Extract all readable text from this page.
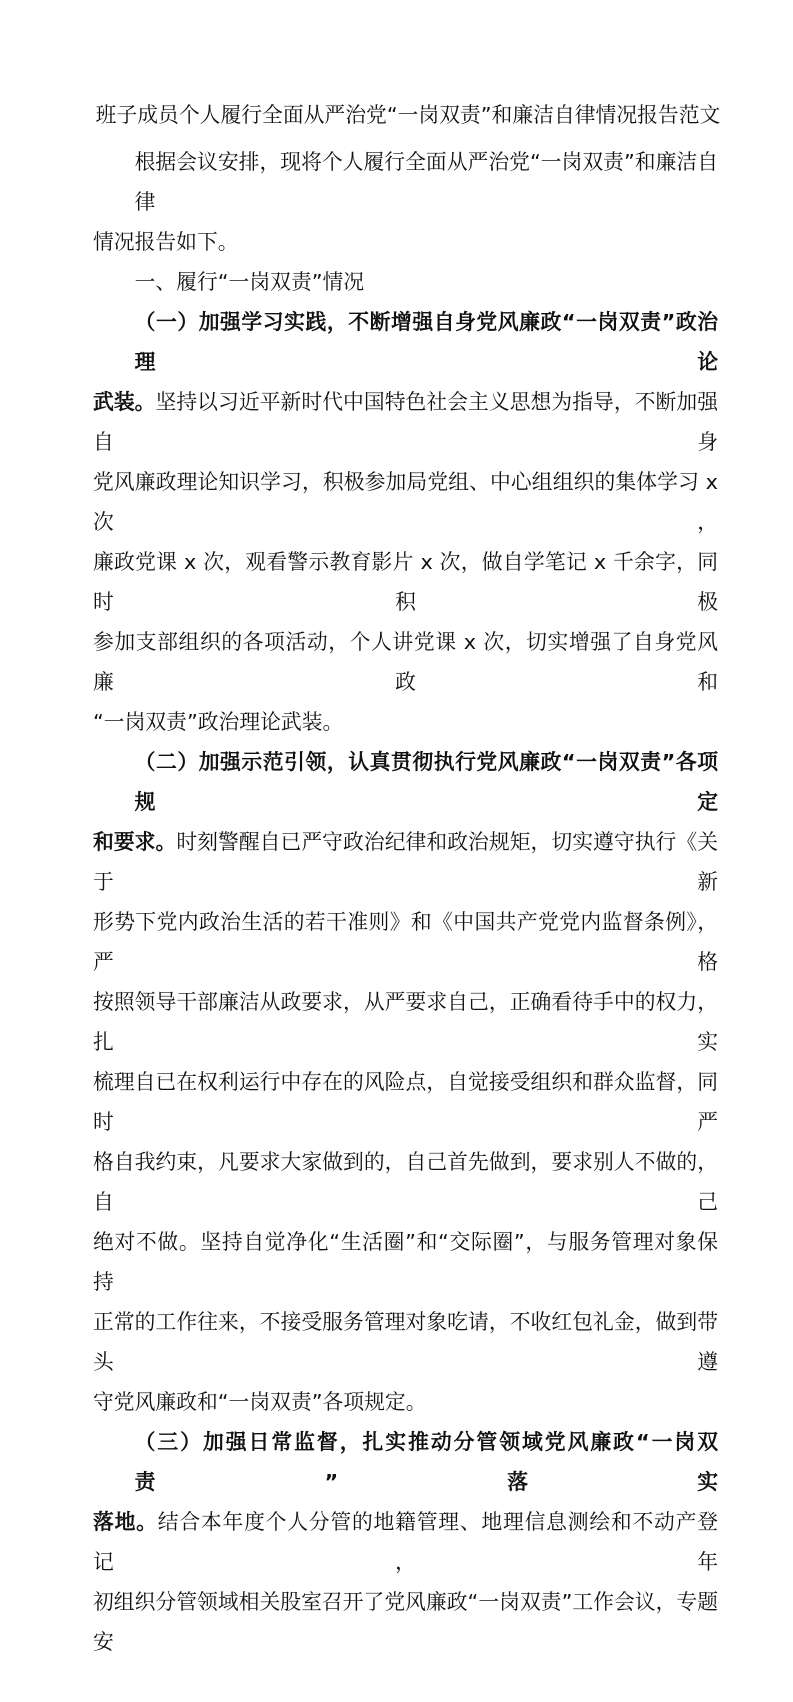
班子成员个人履行全面从严治党“一岗双责”和廉洁自律情况报告范文
根据会议安排，现将个人履行全面从严治党“一岗双责”和廉洁自律
情况报告如下。
一、履行“一岗双责”情况
（一）加强学习实践，不断增强自身党风廉政“一岗双责”政治理论
武装。坚持以习近平新时代中国特色社会主义思想为指导，不断加强自身
党风廉政理论知识学习，积极参加局党组、中心组组织的集体学习 x 次，
廉政党课 x 次，观看警示教育影片 x 次，做自学笔记 x 千余字，同时积极
参加支部组织的各项活动，个人讲党课 x 次，切实增强了自身党风廉政和
“一岗双责”政治理论武装。
（二）加强示范引领，认真贯彻执行党风廉政“一岗双责”各项规定
和要求。时刻警醒自已严守政治纪律和政治规矩，切实遵守执行《关于新
形势下党内政治生活的若干准则》和《中国共产党党内监督条例》，严格
按照领导干部廉洁从政要求，从严要求自己，正确看待手中的权力，扎实
梳理自已在权利运行中存在的风险点，自觉接受组织和群众监督，同时严
格自我约束，凡要求大家做到的，自己首先做到，要求别人不做的，自己
绝对不做。坚持自觉净化“生活圈”和“交际圈”，与服务管理对象保持
正常的工作往来，不接受服务管理对象吃请，不收红包礼金，做到带头遵
守党风廉政和“一岗双责”各项规定。
（三）加强日常监督，扎实推动分管领域党风廉政“一岗双责”落实
落地。结合本年度个人分管的地籍管理、地理信息测绘和不动产登记，年
初组织分管领域相关股室召开了党风廉政“一岗双责”工作会议，专题安
